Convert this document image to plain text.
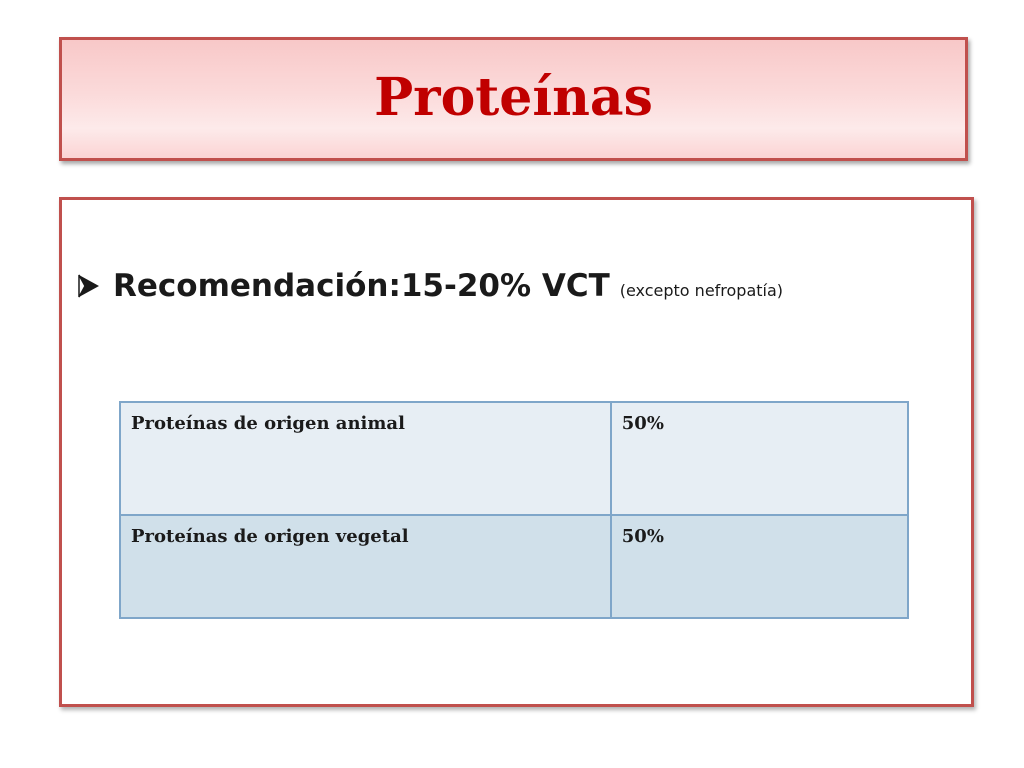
Proteínas
Recomendación:15-20% VCT (excepto nefropatía)
Proteínas de origen animal	50%
Proteínas de origen vegetal	50%
